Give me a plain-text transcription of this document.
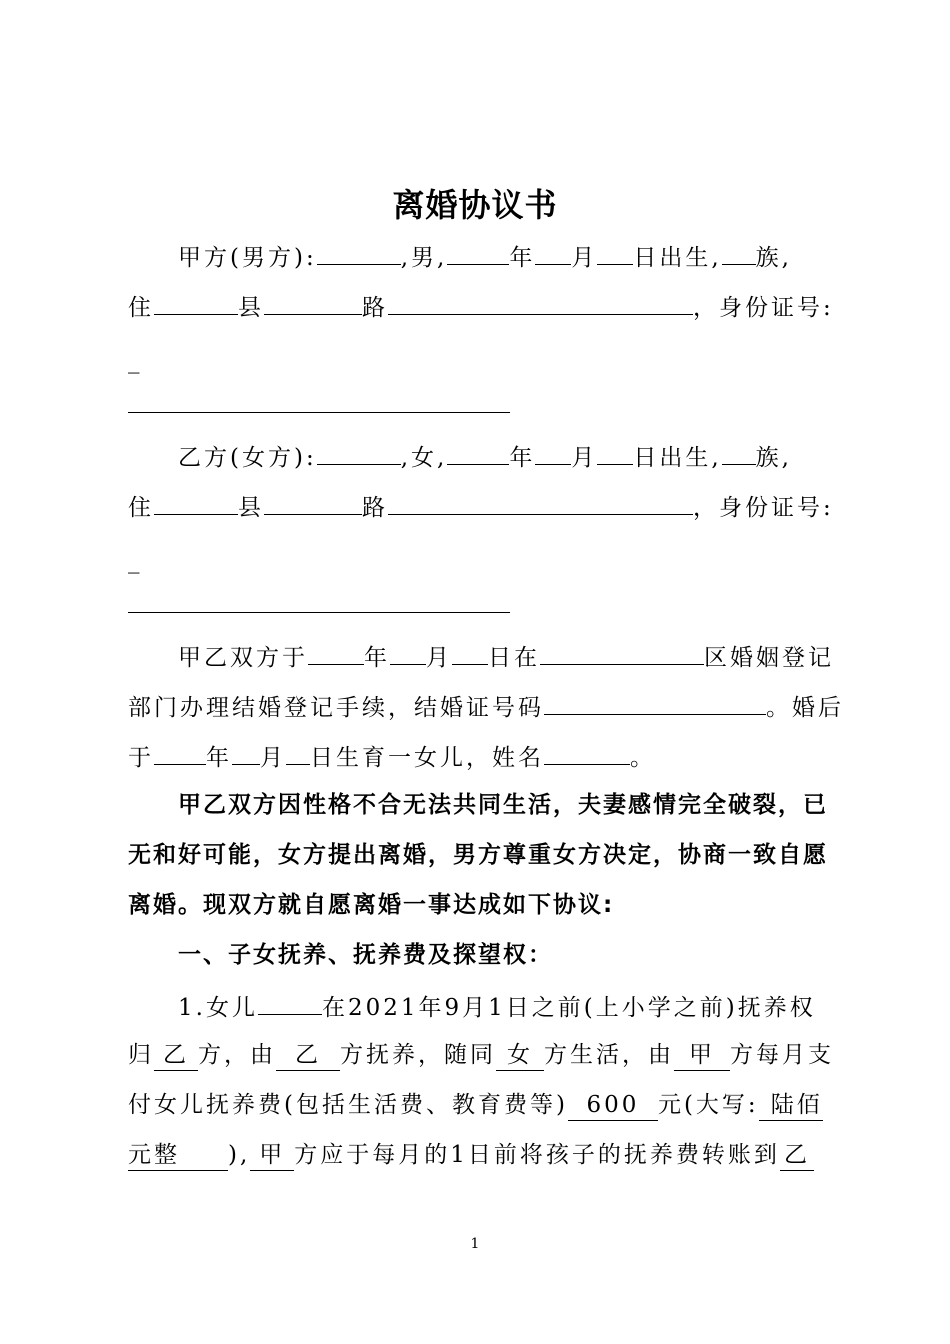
离婚协议书
甲方(男方):	,男,	年 月 日出生, 族,
住	县	路	，身份证号:
_
乙方(女方):	,女,	年 月 日出生, 族,
住	县	路	，身份证号:
_
甲乙双方于 年 月 日在	区婚姻登记
部门办理结婚登记手续，结婚证号码	。婚后
于 年 月 日生育一女儿，姓名	。
甲乙双方因性格不合无法共同生活，夫妻感情完全破裂，已
无和好可能，女方提出离婚，男方尊重女方决定，协商一致自愿
离婚。现双方就自愿离婚一事达成如下协议:
一、子女抚养、抚养费及探望权：
1.女儿	在2021年9月1日之前(上小学之前)抚养权
归 乙 方，由 乙 方抚养，随同 女 方生活，由 甲 方每月支
付女儿抚养费(包括生活费、教育费等) 600 元(大写: 陆佰
元整 ), 甲 方应于每月的1日前将孩子的抚养费转账到 乙
1
